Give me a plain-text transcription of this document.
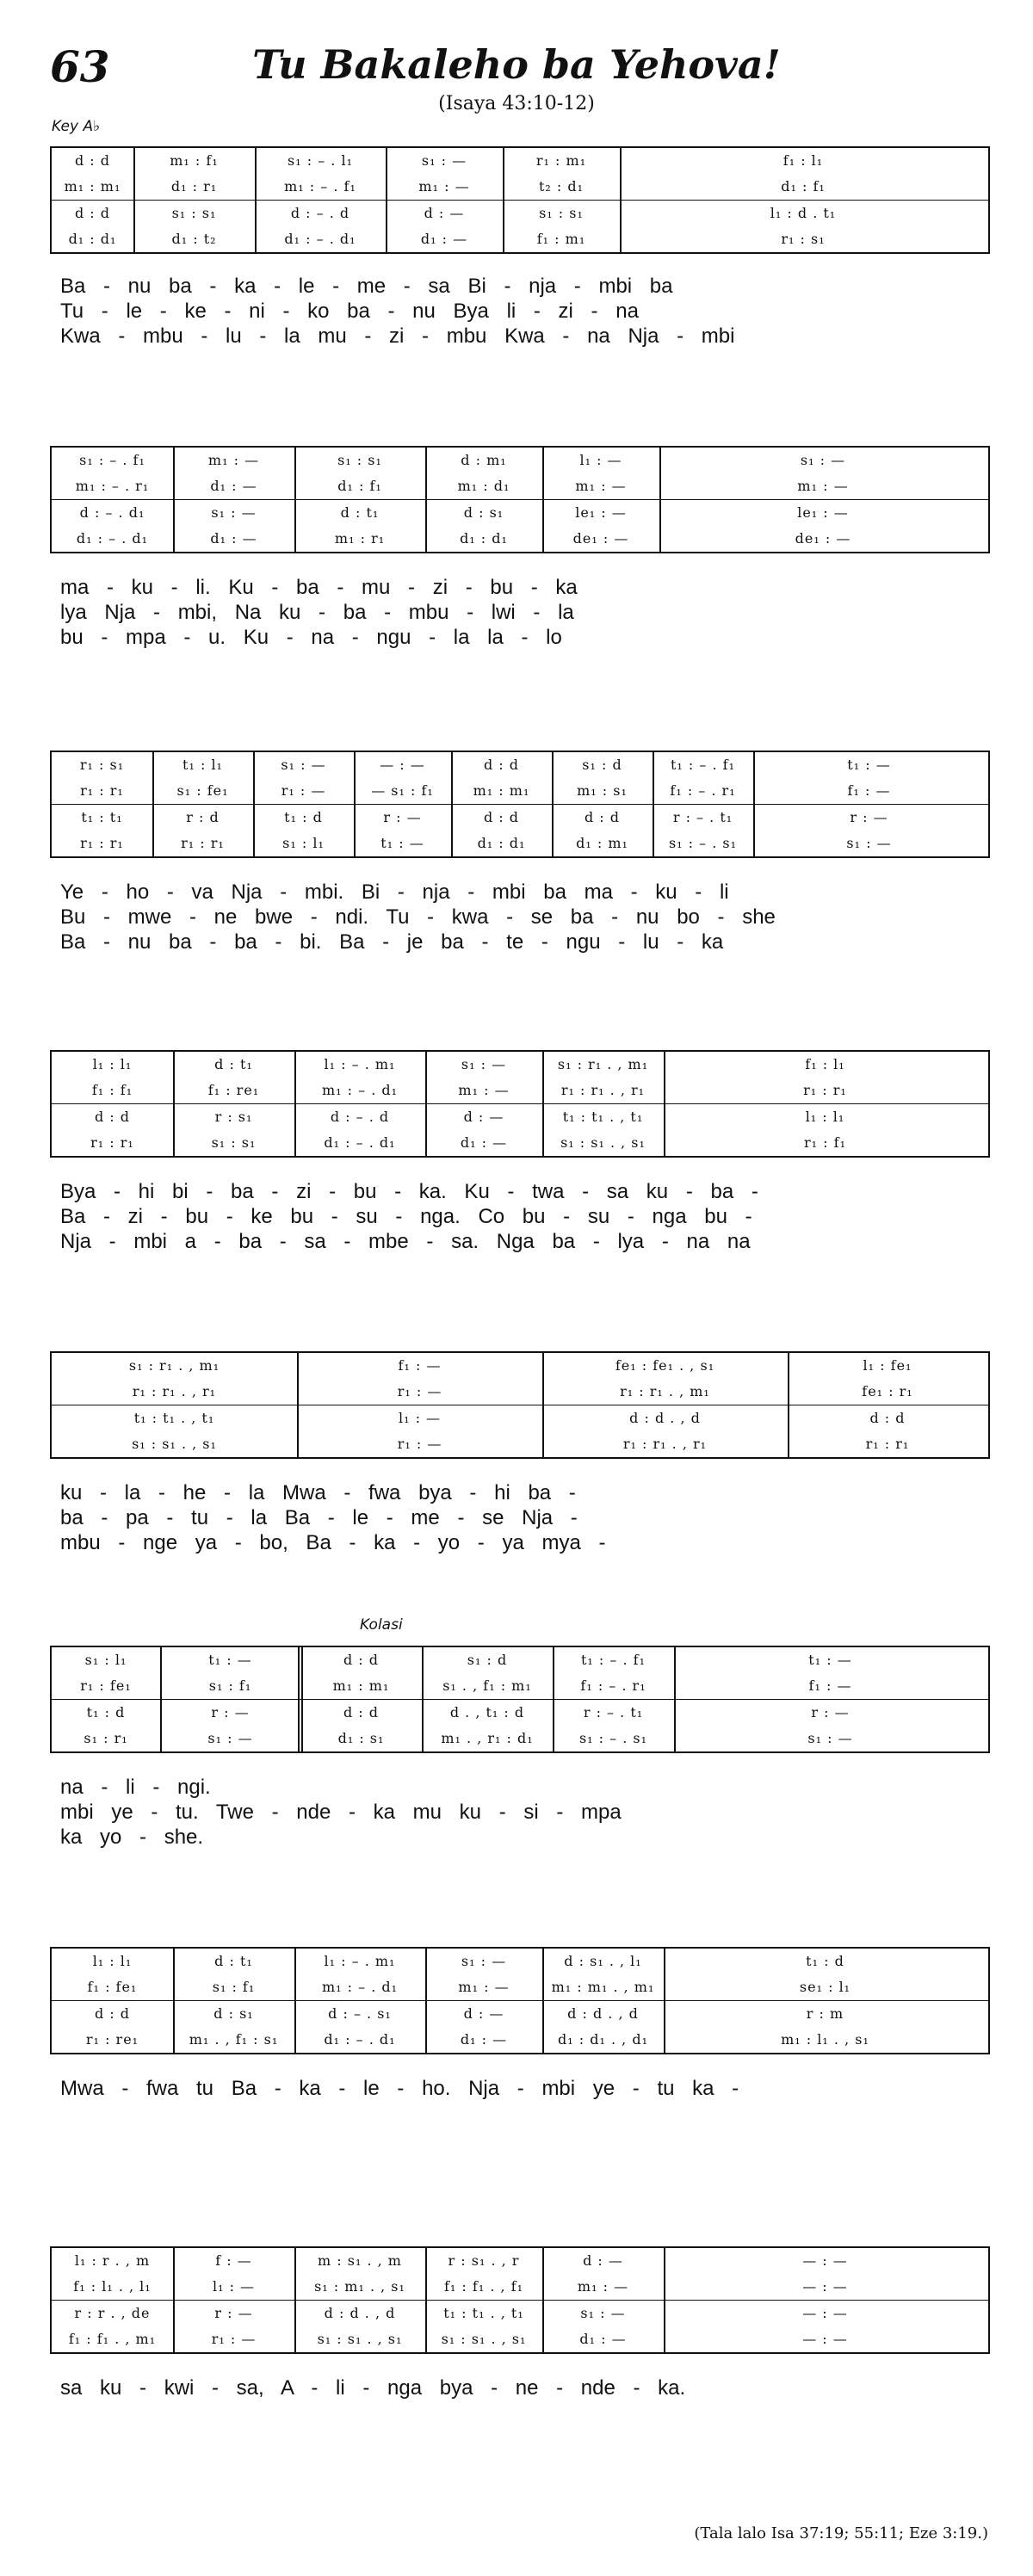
63	Tu Bakaleho ba Yehova!
(Isaya 43:10-12)
Key A♭
Kolasi
d : d	m₁ : f₁	s₁ : – . l₁	s₁ : —	r₁ : m₁	f₁ : l₁
m₁ : m₁	d₁ : r₁	m₁ : – . f₁	m₁ : —	t₂ : d₁	d₁ : f₁
d : d	s₁ : s₁	d : – . d	d : —	s₁ : s₁	l₁ : d . t₁
d₁ : d₁	d₁ : t₂	d₁ : – . d₁	d₁ : —	f₁ : m₁	r₁ : s₁
Ba - nu ba - ka - le - me - sa Bi - nja - mbi ba
Tu - le - ke - ni - ko ba - nu Bya li - zi - na
Kwa - mbu - lu - la mu - zi - mbu Kwa - na Nja - mbi
s₁ : – . f₁	m₁ : —	s₁ : s₁	d : m₁	l₁ : —	s₁ : —
m₁ : – . r₁	d₁ : —	d₁ : f₁	m₁ : d₁	m₁ : —	m₁ : —
d : – . d₁	s₁ : —	d : t₁	d : s₁	le₁ : —	le₁ : —
d₁ : – . d₁	d₁ : —	m₁ : r₁	d₁ : d₁	de₁ : —	de₁ : —
ma - ku - li. Ku - ba - mu - zi - bu - ka
lya Nja - mbi, Na ku - ba - mbu - lwi - la
bu - mpa - u. Ku - na - ngu - la la - lo
r₁ : s₁	t₁ : l₁	s₁ : —	— : —	d : d	s₁ : d	t₁ : – . f₁	t₁ : —
r₁ : r₁	s₁ : fe₁	r₁ : —	— s₁ : f₁	m₁ : m₁	m₁ : s₁	f₁ : – . r₁	f₁ : —
t₁ : t₁	r : d	t₁ : d	r : —	d : d	d : d	r : – . t₁	r : —
r₁ : r₁	r₁ : r₁	s₁ : l₁	t₁ : —	d₁ : d₁	d₁ : m₁	s₁ : – . s₁	s₁ : —
Ye - ho - va Nja - mbi. Bi - nja - mbi ba ma - ku - li
Bu - mwe - ne bwe - ndi. Tu - kwa - se ba - nu bo - she
Ba - nu ba - ba - bi. Ba - je ba - te - ngu - lu - ka
l₁ : l₁	d : t₁	l₁ : – . m₁	s₁ : —	s₁ : r₁ . , m₁	f₁ : l₁
f₁ : f₁	f₁ : re₁	m₁ : – . d₁	m₁ : —	r₁ : r₁ . , r₁	r₁ : r₁
d : d	r : s₁	d : – . d	d : —	t₁ : t₁ . , t₁	l₁ : l₁
r₁ : r₁	s₁ : s₁	d₁ : – . d₁	d₁ : —	s₁ : s₁ . , s₁	r₁ : f₁
Bya - hi bi - ba - zi - bu - ka. Ku - twa - sa ku - ba -
Ba - zi - bu - ke bu - su - nga. Co bu - su - nga bu -
Nja - mbi a - ba - sa - mbe - sa. Nga ba - lya - na na
s₁ : r₁ . , m₁	f₁ : —	fe₁ : fe₁ . , s₁	l₁ : fe₁
r₁ : r₁ . , r₁	r₁ : —	r₁ : r₁ . , m₁	fe₁ : r₁
t₁ : t₁ . , t₁	l₁ : —	d : d . , d	d : d
s₁ : s₁ . , s₁	r₁ : —	r₁ : r₁ . , r₁	r₁ : r₁
ku - la - he - la Mwa - fwa bya - hi ba -
ba - pa - tu - la Ba - le - me - se Nja -
mbu - nge ya - bo, Ba - ka - yo - ya mya -
s₁ : l₁	t₁ : —	d : d	s₁ : d	t₁ : – . f₁	t₁ : —
r₁ : fe₁	s₁ : f₁	m₁ : m₁	s₁ . , f₁ : m₁	f₁ : – . r₁	f₁ : —
t₁ : d	r : —	d : d	d . , t₁ : d	r : – . t₁	r : —
s₁ : r₁	s₁ : —	d₁ : s₁	m₁ . , r₁ : d₁	s₁ : – . s₁	s₁ : —
na - li - ngi.
mbi ye - tu. Twe - nde - ka mu ku - si - mpa
ka yo - she.
l₁ : l₁	d : t₁	l₁ : – . m₁	s₁ : —	d : s₁ . , l₁	t₁ : d
f₁ : fe₁	s₁ : f₁	m₁ : – . d₁	m₁ : —	m₁ : m₁ . , m₁	se₁ : l₁
d : d	d : s₁	d : – . s₁	d : —	d : d . , d	r : m
r₁ : re₁	m₁ . , f₁ : s₁	d₁ : – . d₁	d₁ : —	d₁ : d₁ . , d₁	m₁ : l₁ . , s₁
Mwa - fwa tu Ba - ka - le - ho. Nja - mbi ye - tu ka -
l₁ : r . , m	f : —	m : s₁ . , m	r : s₁ . , r	d : —	— : —
f₁ : l₁ . , l₁	l₁ : —	s₁ : m₁ . , s₁	f₁ : f₁ . , f₁	m₁ : —	— : —
r : r . , de	r : —	d : d . , d	t₁ : t₁ . , t₁	s₁ : —	— : —
f₁ : f₁ . , m₁	r₁ : —	s₁ : s₁ . , s₁	s₁ : s₁ . , s₁	d₁ : —	— : —
sa ku - kwi - sa, A - li - nga bya - ne - nde - ka.
(Tala lalo Isa 37:19; 55:11; Eze 3:19.)
